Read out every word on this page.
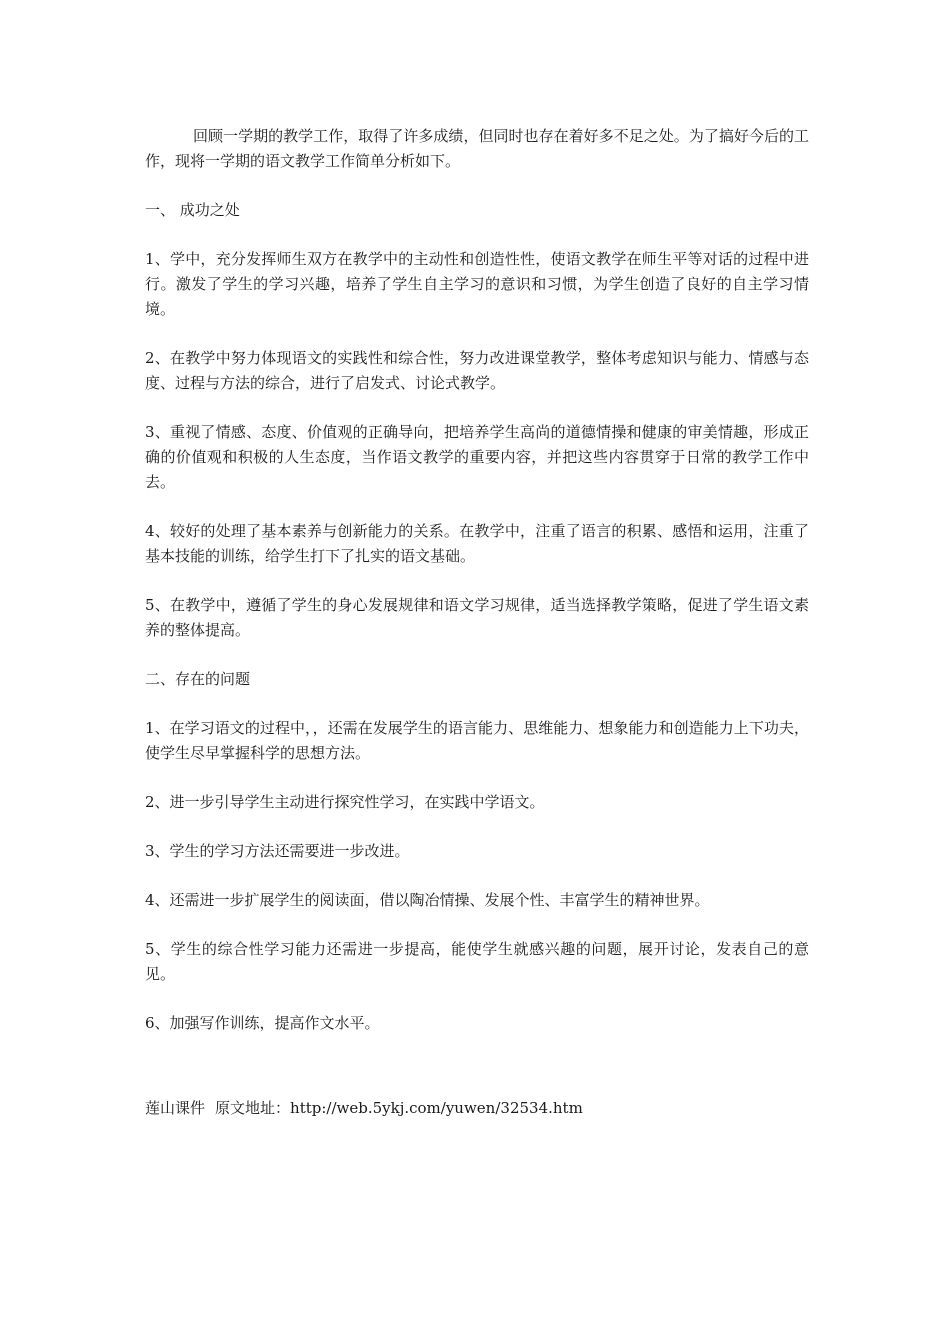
回顾一学期的教学工作，取得了许多成绩，但同时也存在着好多不足之处。为了搞好今后的工作，现将一学期的语文教学工作简单分析如下。

一、 成功之处

1、学中，充分发挥师生双方在教学中的主动性和创造性性，使语文教学在师生平等对话的过程中进行。激发了学生的学习兴趣，培养了学生自主学习的意识和习惯，为学生创造了良好的自主学习情境。

2、在教学中努力体现语文的实践性和综合性，努力改进课堂教学，整体考虑知识与能力、情感与态度、过程与方法的综合，进行了启发式、讨论式教学。

3、重视了情感、态度、价值观的正确导向，把培养学生高尚的道德情操和健康的审美情趣，形成正确的价值观和积极的人生态度，当作语文教学的重要内容，并把这些内容贯穿于日常的教学工作中去。

4、较好的处理了基本素养与创新能力的关系。在教学中，注重了语言的积累、感悟和运用，注重了基本技能的训练，给学生打下了扎实的语文基础。

5、在教学中，遵循了学生的身心发展规律和语文学习规律，适当选择教学策略，促进了学生语文素养的整体提高。

二、存在的问题

1、在学习语文的过程中，，还需在发展学生的语言能力、思维能力、想象能力和创造能力上下功夫，使学生尽早掌握科学的思想方法。

2、进一步引导学生主动进行探究性学习，在实践中学语文。

3、学生的学习方法还需要进一步改进。

4、还需进一步扩展学生的阅读面，借以陶冶情操、发展个性、丰富学生的精神世界。

5、学生的综合性学习能力还需进一步提高，能使学生就感兴趣的问题，展开讨论，发表自己的意见。

6、加强写作训练，提高作文水平。

莲山课件 原文地址：http://web.5ykj.com/yuwen/32534.htm
